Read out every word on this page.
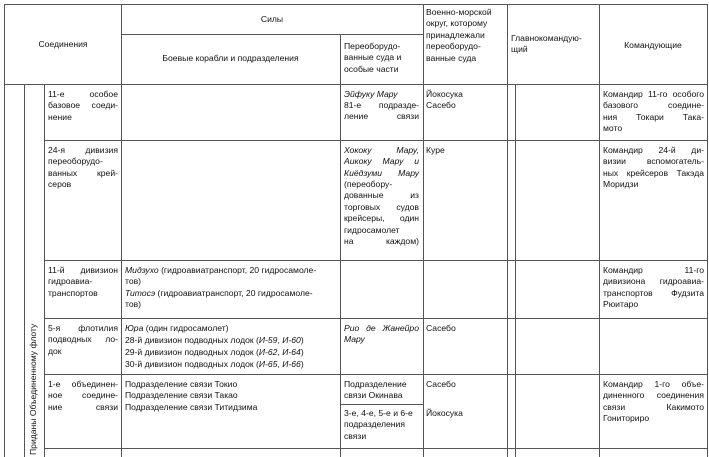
Соединения
Силы
Боевые корабли и подразделения
Переоборудо-
ванные суда и
особые части
Военно-морской
округ, которому
принадлежали
переоборудо-
ванные суда
Главнокомандую-
щий	Командующие
Приданы Объединенному флоту
11-е особое
базовое соеди-
нение
Эйфуку Мару
81-е подразде-
ление связи
Йокосука
Сасебо
Командир 11-го особого
базового соедине-
ния Токари Така-
мото
24-я дивизия
переоборудо-
ванных крей-
серов
Хококу Мару,
Аикоку Мару и
Киёдзуми Мару
(переобору-
дованные из
торговых судов
крейсеры, один
гидросамолет
на каждом)
Куре	Командир 24-й ди-
визии вспомогатель-
ных крейсеров Такэда
Моридзи
11-й дивизион
гидроавиа-
транспортов
Мидзухо (гидроавиатранспорт, 20 гидросамоле-
тов)
Титосэ (гидроавиатранспорт, 20 гидросамоле-
тов)
Командир 11-го
дивизиона гидроавиа-
транспортов Фудзита
Рюитаро
5-я флотилия
подводных ло-
док
Юра (один гидросамолет)
28-й дивизион подводных лодок (И-59, И-60)
29-й дивизион подводных лодок (И-62, И-64)
30-й дивизион подводных лодок (И-65, И-66)
Рио де Жанейро
Мару
Сасебо
1-е объединен-
ное соедине-
ние связи
Подразделение связи Токио
Подразделение связи Такао
Подразделение связи Титидзима
Подразделение
связи Окинава
3-е, 4-е, 5-е и 6-е
подразделения
связи
Сасебо
Йокосука
Командир 1-го объе-
диненного соединения
связи Какимото
Гониториро
